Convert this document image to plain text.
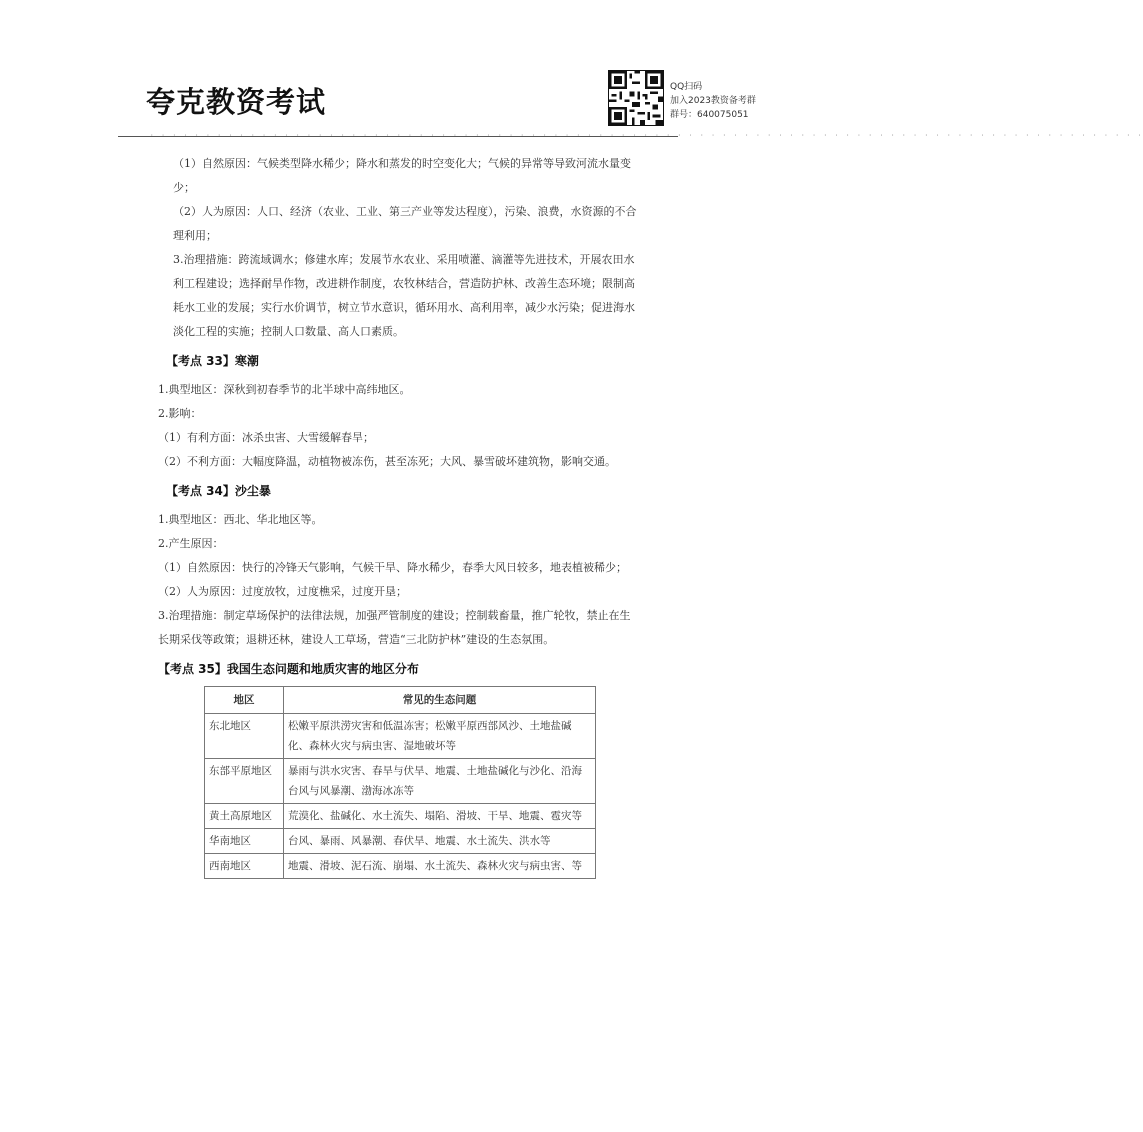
夸克教资考试	QQ扫码
加入2023教资备考群
群号：640075051
· · · · · · · · · · · · · · · · · · · · · · · · · · · · · · · · · · · · · · · · · · · · · · · · · · · · · · · · · · · · · · · · · · · · · · · · · · · · · · · · · · · · · · · · ·

（1）自然原因：气候类型降水稀少；降水和蒸发的时空变化大；气候的异常等导致河流水量变少；

（2）人为原因：人口、经济（农业、工业、第三产业等发达程度），污染、浪费，水资源的不合理利用；

3.治理措施：跨流域调水；修建水库；发展节水农业、采用喷灌、滴灌等先进技术，开展农田水利工程建设；选择耐旱作物，改进耕作制度，农牧林结合，营造防护林、改善生态环境；限制高耗水工业的发展；实行水价调节，树立节水意识，循环用水、高利用率，减少水污染；促进海水淡化工程的实施；控制人口数量、高人口素质。

【考点 33】寒潮

1.典型地区：深秋到初春季节的北半球中高纬地区。

2.影响：

（1）有利方面：冰杀虫害、大雪缓解春旱；

（2）不利方面：大幅度降温，动植物被冻伤，甚至冻死；大风、暴雪破坏建筑物，影响交通。

【考点 34】沙尘暴

1.典型地区：西北、华北地区等。

2.产生原因：

（1）自然原因：快行的冷锋天气影响，气候干旱、降水稀少，春季大风日较多，地表植被稀少；

（2）人为原因：过度放牧，过度樵采，过度开垦；

3.治理措施：制定草场保护的法律法规，加强严管制度的建设；控制载畜量，推广轮牧，禁止在生长期采伐等政策；退耕还林，建设人工草场，营造“三北防护林”建设的生态氛围。

【考点 35】我国生态问题和地质灾害的地区分布

地区	常见的生态问题
东北地区	松嫩平原洪涝灾害和低温冻害；松嫩平原西部风沙、土地盐碱化、森林火灾与病虫害、湿地破坏等
东部平原地区	暴雨与洪水灾害、春旱与伏旱、地震、土地盐碱化与沙化、沿海台风与风暴潮、渤海冰冻等
黄土高原地区	荒漠化、盐碱化、水土流失、塌陷、滑坡、干旱、地震、雹灾等
华南地区	台风、暴雨、风暴潮、春伏旱、地震、水土流失、洪水等
西南地区	地震、滑坡、泥石流、崩塌、水土流失、森林火灾与病虫害、等
